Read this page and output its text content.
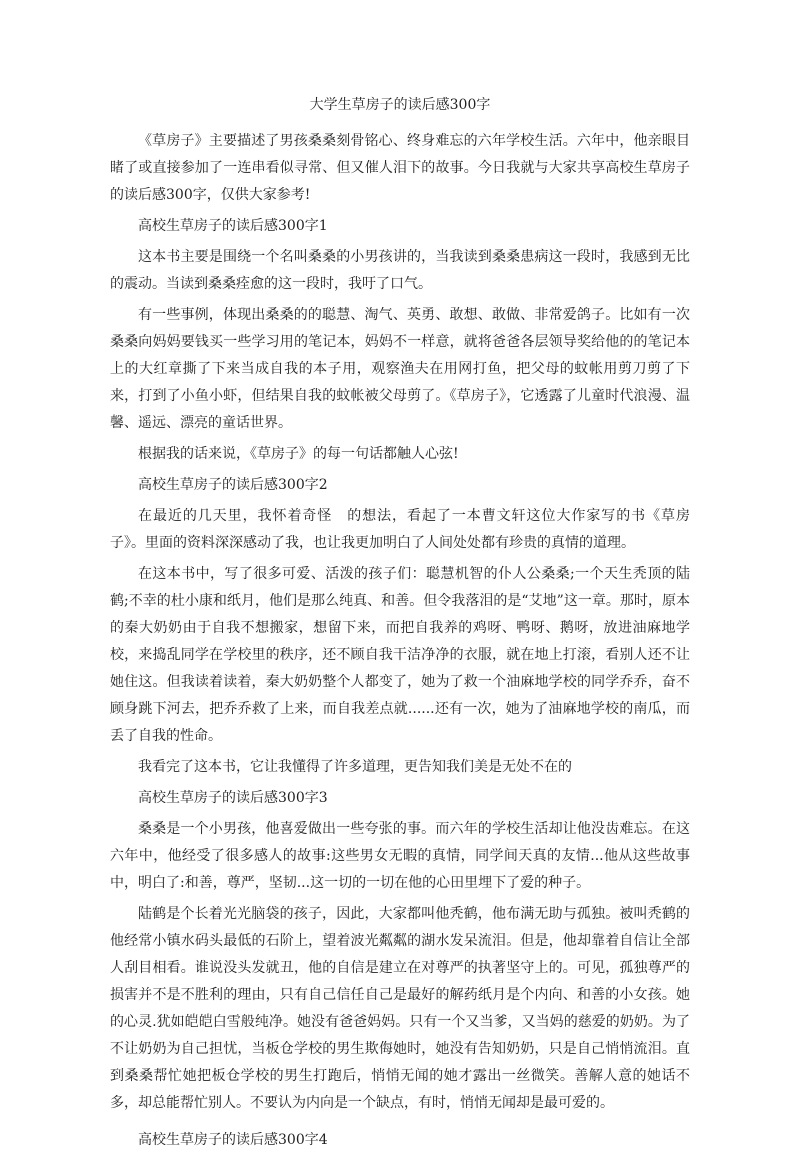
大学生草房子的读后感300字

《草房子》主要描述了男孩桑桑刻骨铭心、终身难忘的六年学校生活。六年中，他亲眼目睹了或直接参加了一连串看似寻常、但又催人泪下的故事。今日我就与大家共享高校生草房子的读后感300字，仅供大家参考!

高校生草房子的读后感300字1

这本书主要是围绕一个名叫桑桑的小男孩讲的，当我读到桑桑患病这一段时，我感到无比的震动。当读到桑桑痊愈的这一段时，我吁了口气。

有一些事例，体现出桑桑的的聪慧、淘气、英勇、敢想、敢做、非常爱鸽子。比如有一次桑桑向妈妈要钱买一些学习用的笔记本，妈妈不一样意，就将爸爸各层领导奖给他的的笔记本上的大红章撕了下来当成自我的本子用，观察渔夫在用网打鱼，把父母的蚊帐用剪刀剪了下来，打到了小鱼小虾，但结果自我的蚊帐被父母剪了。《草房子》，它透露了儿童时代浪漫、温馨、遥远、漂亮的童话世界。

根据我的话来说，《草房子》的每一句话都触人心弦!

高校生草房子的读后感300字2

在最近的几天里，我怀着奇怪　的想法，看起了一本曹文轩这位大作家写的书《草房子》。里面的资料深深感动了我，也让我更加明白了人间处处都有珍贵的真情的道理。

在这本书中，写了很多可爱、活泼的孩子们：聪慧机智的仆人公桑桑;一个天生秃顶的陆鹤;不幸的杜小康和纸月，他们是那么纯真、和善。但令我落泪的是“艾地”这一章。那时，原本的秦大奶奶由于自我不想搬家，想留下来，而把自我养的鸡呀、鸭呀、鹅呀，放进油麻地学校，来捣乱同学在学校里的秩序，还不顾自我干洁净净的衣服，就在地上打滚，看别人还不让她住这。但我读着读着，秦大奶奶整个人都变了，她为了救一个油麻地学校的同学乔乔，奋不顾身跳下河去，把乔乔救了上来，而自我差点就......还有一次，她为了油麻地学校的南瓜，而丢了自我的性命。

我看完了这本书，它让我懂得了许多道理，更告知我们美是无处不在的

高校生草房子的读后感300字3

桑桑是一个小男孩，他喜爱做出一些夸张的事。而六年的学校生活却让他没齿难忘。在这六年中，他经受了很多感人的故事:这些男女无暇的真情，同学间天真的友情...他从这些故事中，明白了:和善，尊严，坚韧...这一切的一切在他的心田里埋下了爱的种子。

陆鹤是个长着光光脑袋的孩子，因此，大家都叫他秃鹤，他布满无助与孤独。被叫秃鹤的他经常小镇水码头最低的石阶上，望着波光粼粼的湖水发呆流泪。但是，他却靠着自信让全部人刮目相看。谁说没头发就丑，他的自信是建立在对尊严的执著坚守上的。可见，孤独尊严的损害并不是不胜利的理由，只有自己信任自己是最好的解药纸月是个内向、和善的小女孩。她的心灵.犹如皑皑白雪般纯净。她没有爸爸妈妈。只有一个又当爹，又当妈的慈爱的奶奶。为了不让奶奶为自己担忧，当板仓学校的男生欺侮她时，她没有告知奶奶，只是自己悄悄流泪。直到桑桑帮忙她把板仓学校的男生打跑后，悄悄无闻的她才露出一丝微笑。善解人意的她话不多，却总能帮忙别人。不要认为内向是一个缺点，有时，悄悄无闻却是最可爱的。

高校生草房子的读后感300字4
